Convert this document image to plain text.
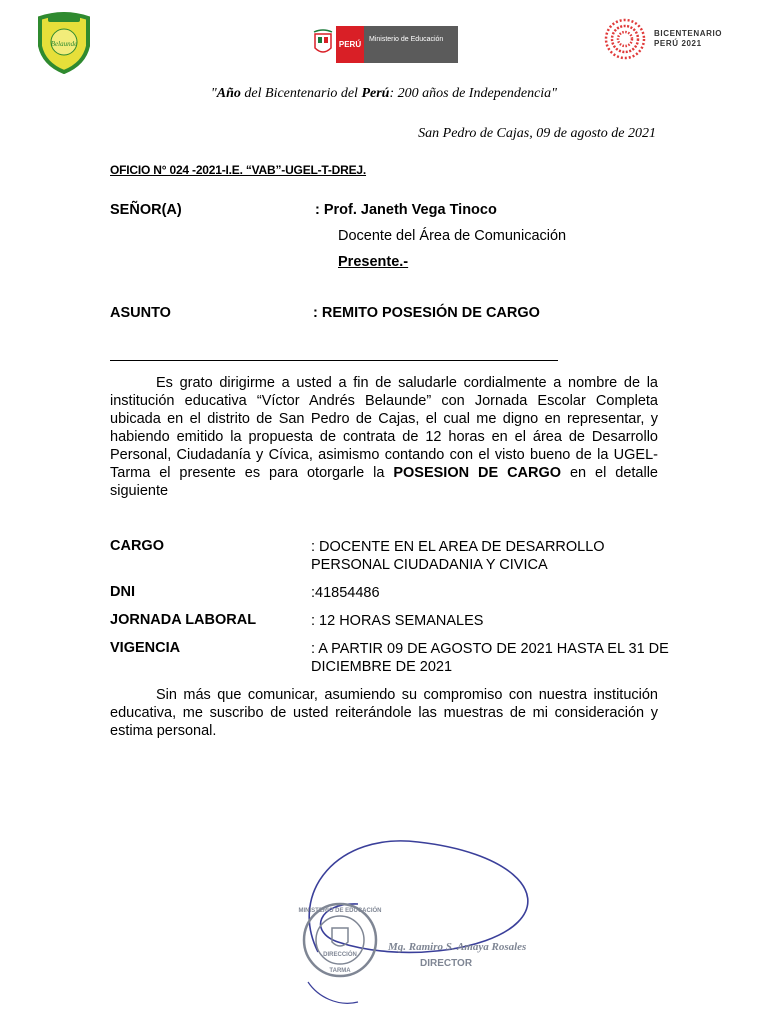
Belaunde	PERÚ
Ministerio de Educación
BICENTENARIO
PERÚ 2021
"Año del Bicentenario del Perú: 200 años de Independencia"
San Pedro de Cajas, 09 de agosto de 2021
OFICIO N° 024 -2021-I.E. “VAB”-UGEL-T-DREJ.
SEÑOR(A)	: Prof. Janeth Vega Tinoco
Docente del Área de Comunicación
Presente.-
ASUNTO	: REMITO POSESIÓN DE CARGO
Es grato dirigirme a usted a fin de saludarle cordialmente a nombre de la institución educativa “Víctor Andrés Belaunde” con Jornada Escolar Completa ubicada en el distrito de San Pedro de Cajas, el cual me digno en representar, y habiendo emitido la propuesta de contrata de 12 horas en el área de Desarrollo Personal, Ciudadanía y Cívica, asimismo contando con el visto bueno de la UGEL-Tarma el presente es para otorgarle la POSESION DE CARGO en el detalle siguiente
CARGO	: DOCENTE EN EL AREA DE DESARROLLO PERSONAL CIUDADANIA Y CIVICA
DNI	:41854486
JORNADA LABORAL	: 12 HORAS SEMANALES
VIGENCIA	: A PARTIR 09 DE AGOSTO DE 2021 HASTA EL 31 DE DICIEMBRE DE 2021
Sin más que comunicar, asumiendo su compromiso con nuestra institución educativa, me suscribo de usted reiterándole las muestras de mi consideración y estima personal.
MINISTERIO DE EDUCACIÓN
DIRECCIÓN
TARMA
Mg. Ramiro S. Amaya Rosales
DIRECTOR
